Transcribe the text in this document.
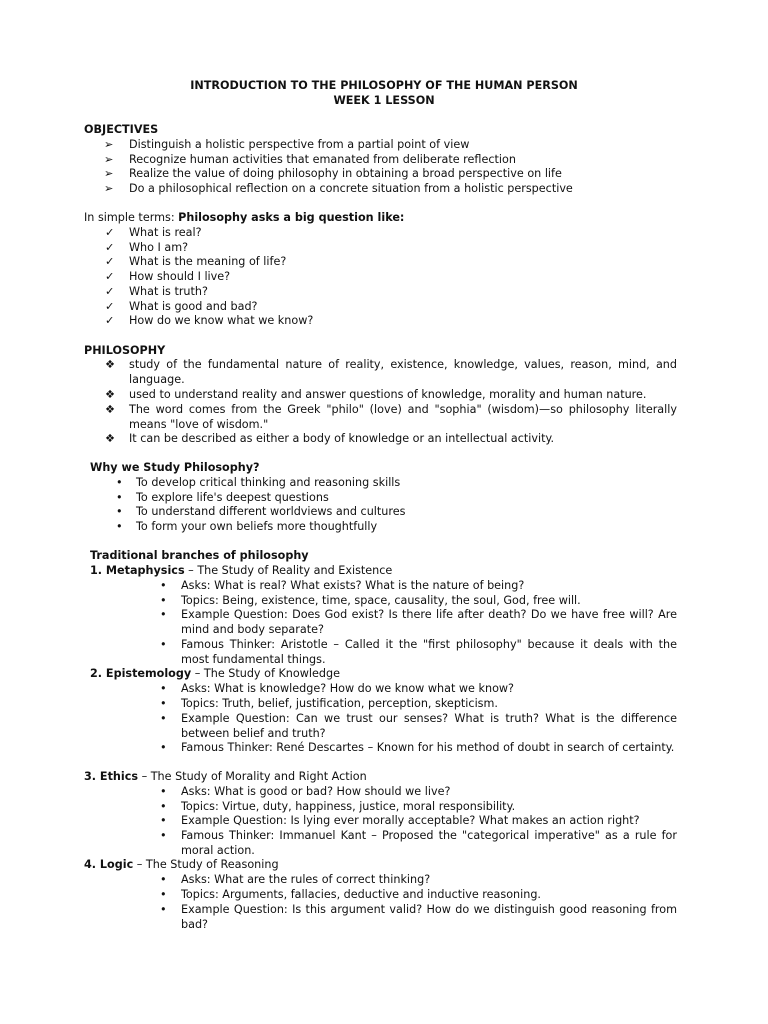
INTRODUCTION TO THE PHILOSOPHY OF THE HUMAN PERSON
WEEK 1 LESSON
OBJECTIVES
➢ Distinguish a holistic perspective from a partial point of view
➢ Recognize human activities that emanated from deliberate reflection
➢ Realize the value of doing philosophy in obtaining a broad perspective on life
➢ Do a philosophical reflection on a concrete situation from a holistic perspective
In simple terms: Philosophy asks a big question like:
✓ What is real?
✓ Who I am?
✓ What is the meaning of life?
✓ How should I live?
✓ What is truth?
✓ What is good and bad?
✓ How do we know what we know?
PHILOSOPHY
❖ study of the fundamental nature of reality, existence, knowledge, values, reason, mind, and language.
❖ used to understand reality and answer questions of knowledge, morality and human nature.
❖ The word comes from the Greek "philo" (love) and "sophia" (wisdom)—so philosophy literally means "love of wisdom."
❖ It can be described as either a body of knowledge or an intellectual activity.
Why we Study Philosophy?
• To develop critical thinking and reasoning skills
• To explore life's deepest questions
• To understand different worldviews and cultures
• To form your own beliefs more thoughtfully
Traditional branches of philosophy
1. Metaphysics – The Study of Reality and Existence
• Asks: What is real? What exists? What is the nature of being?
• Topics: Being, existence, time, space, causality, the soul, God, free will.
• Example Question: Does God exist? Is there life after death? Do we have free will? Are mind and body separate?
• Famous Thinker: Aristotle – Called it the "first philosophy" because it deals with the most fundamental things.
2. Epistemology – The Study of Knowledge
• Asks: What is knowledge? How do we know what we know?
• Topics: Truth, belief, justification, perception, skepticism.
• Example Question: Can we trust our senses? What is truth? What is the difference between belief and truth?
• Famous Thinker: René Descartes – Known for his method of doubt in search of certainty.
3. Ethics – The Study of Morality and Right Action
• Asks: What is good or bad? How should we live?
• Topics: Virtue, duty, happiness, justice, moral responsibility.
• Example Question: Is lying ever morally acceptable? What makes an action right?
• Famous Thinker: Immanuel Kant – Proposed the "categorical imperative" as a rule for moral action.
4. Logic – The Study of Reasoning
• Asks: What are the rules of correct thinking?
• Topics: Arguments, fallacies, deductive and inductive reasoning.
• Example Question: Is this argument valid? How do we distinguish good reasoning from bad?
